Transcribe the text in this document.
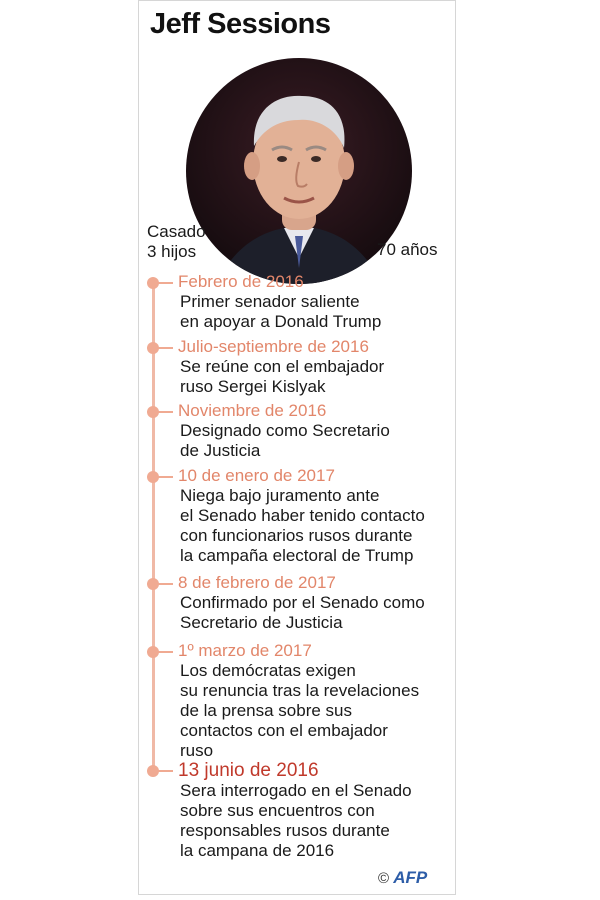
Jeff Sessions
Casado
3 hijos	70 años
Febrero de 2016
Primer senador saliente
en apoyar a Donald Trump
Julio-septiembre de 2016
Se reúne con el embajador
ruso Sergei Kislyak
Noviembre de 2016
Designado como Secretario
de Justicia
10 de enero de 2017
Niega bajo juramento ante
el Senado haber tenido contacto
con funcionarios rusos durante
la campaña electoral de Trump
8 de febrero de 2017
Confirmado por el Senado como
Secretario de Justicia
1º marzo de 2017
Los demócratas exigen
su renuncia tras la revelaciones
de la prensa sobre sus
contactos con el embajador
ruso
13 junio de 2016
Sera interrogado en el Senado
sobre sus encuentros con
responsables rusos durante
la campana de 2016
© AFP
